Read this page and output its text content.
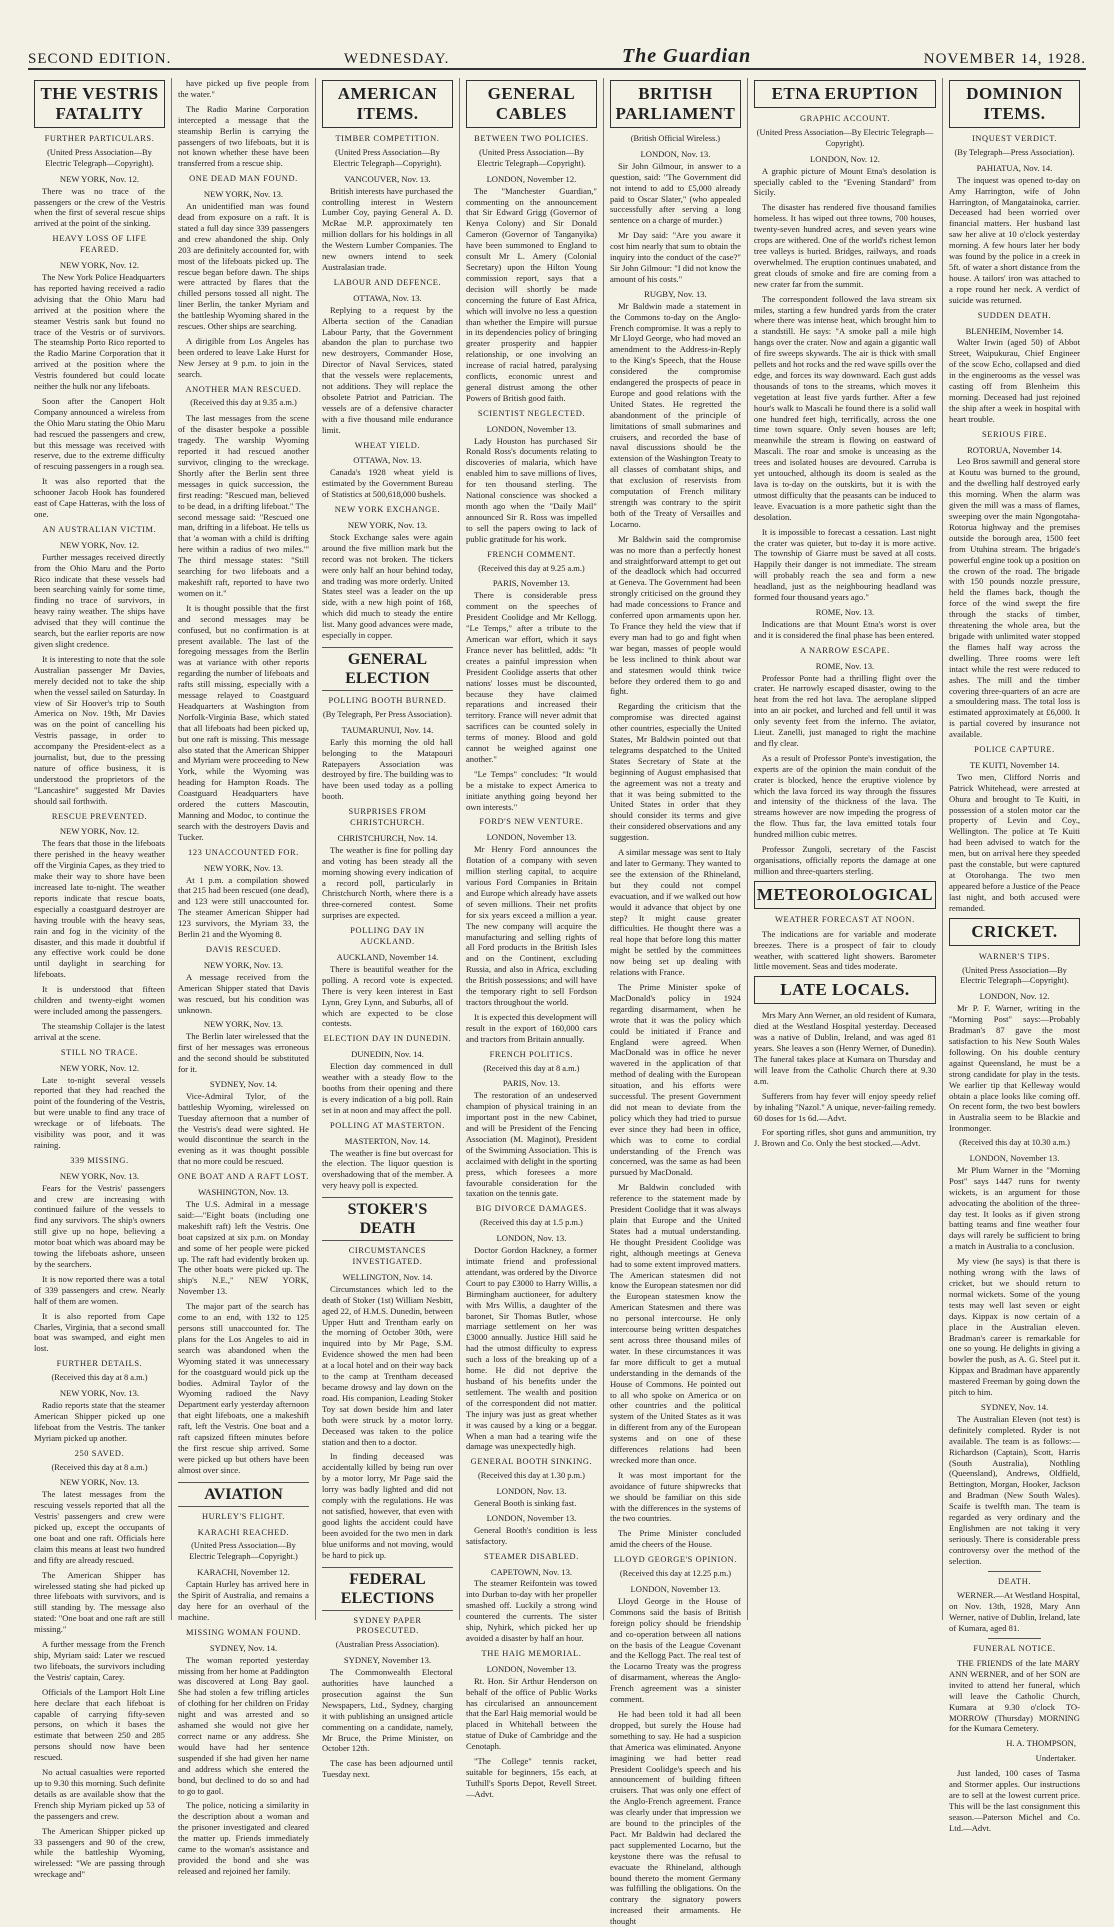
SECOND EDITION.	WEDNESDAY.	The Guardian	NOVEMBER 14, 1928.
THE VESTRIS FATALITY
FURTHER PARTICULARS.
(United Press Association—By Electric Telegraph—Copyright).
NEW YORK, Nov. 12.

There was no trace of the passengers or the crew of the Vestris when the first of several rescue ships arrived at the point of the sinking.

HEAVY LOSS OF LIFE FEARED.
NEW YORK, Nov. 12.

The New York Police Headquarters has reported having received a radio advising that the Ohio Maru had arrived at the position where the steamer Vestris sank but found no trace of the Vestris or of survivors. The steamship Porto Rico reported to the Radio Marine Corporation that it arrived at the position where the Vestris foundered but could locate neither the hulk nor any lifeboats.

Soon after the Canopert Holt Company announced a wireless from the Ohio Maru stating the Ohio Maru had rescued the passengers and crew, but this message was received with reserve, due to the extreme difficulty of rescuing passengers in a rough sea.

It was also reported that the schooner Jacob Hook has foundered east of Cape Hatteras, with the loss of one.

AN AUSTRALIAN VICTIM.
NEW YORK, Nov. 12.

Further messages received directly from the Ohio Maru and the Porto Rico indicate that these vessels had been searching vainly for some time, finding no trace of survivors, in heavy rainy weather. The ships have advised that they will continue the search, but the earlier reports are now given slight credence.

It is interesting to note that the sole Australian passenger Mr Davies, merely decided not to take the ship when the vessel sailed on Saturday. In view of Sir Hoover's trip to South America on Nov. 19th, Mr Davies was on the point of cancelling his Vestris passage, in order to accompany the President-elect as a journalist, but, due to the pressing nature of office business, it is understood the proprietors of the "Lancashire" suggested Mr Davies should sail forthwith.

RESCUE PREVENTED.
NEW YORK, Nov. 12.

The fears that those in the lifeboats there perished in the heavy weather off the Virginia Capes, as they tried to make their way to shore have been increased late to-night. The weather reports indicate that rescue boats, especially a coastguard destroyer are having trouble with the heavy seas, rain and fog in the vicinity of the disaster, and this made it doubtful if any effective work could be done until daylight in searching for lifeboats.

It is understood that fifteen children and twenty-eight women were included among the passengers.

The steamship Collajer is the latest arrival at the scene.

STILL NO TRACE.
NEW YORK, Nov. 12.

Late to-night several vessels reported that they had reached the point of the foundering of the Vestris, but were unable to find any trace of wreckage or of lifeboats. The visibility was poor, and it was raining.

339 MISSING.
NEW YORK, Nov. 13.

Fears for the Vestris' passengers and crew are increasing with continued failure of the vessels to find any survivors. The ship's owners still give up no hope, believing a motor boat which was aboard may be towing the lifeboats ashore, unseen by the searchers.

It is now reported there was a total of 339 passengers and crew. Nearly half of them are women.

It is also reported from Cape Charles, Virginia, that a second small boat was swamped, and eight men lost.

FURTHER DETAILS.
(Received this day at 8 a.m.)
NEW YORK, Nov. 13.

Radio reports state that the steamer American Shipper picked up one lifeboat from the Vestris. The tanker Myriam picked up another.

250 SAVED.
(Received this day at 8 a.m.)
NEW YORK, Nov. 13.

The latest messages from the rescuing vessels reported that all the Vestris' passengers and crew were picked up, except the occupants of one boat and one raft. Officials here claim this means at least two hundred and fifty are already rescued.

The American Shipper has wirelessed stating she had picked up three lifeboats with survivors, and is still standing by. The message also stated: "One boat and one raft are still missing."

A further message from the French ship, Myriam said: Later we rescued two lifeboats, the survivors including the Vestris' captain, Carey.

Officials of the Lamport Holt Line here declare that each lifeboat is capable of carrying fifty-seven persons, on which it bases the estimate that between 250 and 285 persons should now have been rescued.

No actual casualties were reported up to 9.30 this morning. Such definite details as are available show that the French ship Myriam picked up 53 of the passengers and crew.

The American Shipper picked up 33 passengers and 90 of the crew, while the battleship Wyoming, wirelessed: "We are passing through wreckage and"

have picked up five people from the water."

The Radio Marine Corporation intercepted a message that the steamship Berlin is carrying the passengers of two lifeboats, but it is not known whether these have been transferred from a rescue ship.

ONE DEAD MAN FOUND.
NEW YORK, Nov. 13.

An unidentified man was found dead from exposure on a raft. It is stated a full day since 339 passengers and crew abandoned the ship. Only 203 are definitely accounted for, with most of the lifeboats picked up. The rescue began before dawn. The ships were attracted by flares that the chilled persons tossed all night. The liner Berlin, the tanker Myriam and the battleship Wyoming shared in the rescues. Other ships are searching.

A dirigible from Los Angeles has been ordered to leave Lake Hurst for New Jersey at 9 p.m. to join in the search.

ANOTHER MAN RESCUED.
(Received this day at 9.35 a.m.)

The last messages from the scene of the disaster bespoke a possible tragedy. The warship Wyoming reported it had rescued another survivor, clinging to the wreckage. Shortly after the Berlin sent three messages in quick succession, the first reading: "Rescued man, believed to be dead, in a drifting lifeboat." The second message said: "Rescued one man, drifting in a lifeboat. He tells us that 'a woman with a child is drifting here within a radius of two miles.'" The third message states: "Still searching for two lifeboats and a makeshift raft, reported to have two women on it."

It is thought possible that the first and second messages may be confused, but no confirmation is at present available. The last of the foregoing messages from the Berlin was at variance with other reports regarding the number of lifeboats and rafts still missing, especially with a message relayed to Coastguard Headquarters at Washington from Norfolk-Virginia Base, which stated that all lifeboats had been picked up, but one raft is missing. This message also stated that the American Shipper and Myriam were proceeding to New York, while the Wyoming was heading for Hampton Roads. The Coastguard Headquarters have ordered the cutters Mascoutin, Manning and Modoc, to continue the search with the destroyers Davis and Tucker.

123 UNACCOUNTED FOR.
NEW YORK, Nov. 13.

At 1 p.m. a compilation showed that 215 had been rescued (one dead), and 123 were still unaccounted for. The steamer American Shipper had 123 survivors, the Myriam 33, the Berlin 21 and the Wyoming 8.

DAVIS RESCUED.
NEW YORK, Nov. 13.

A message received from the American Shipper stated that Davis was rescued, but his condition was unknown.

NEW YORK, Nov. 13.

The Berlin later wirelessed that the first of her messages was erroneous and the second should be substituted for it.

SYDNEY, Nov. 14.

Vice-Admiral Tylor, of the battleship Wyoming, wirelessed on Tuesday afternoon that a number of the Vestris's dead were sighted. He would discontinue the search in the evening as it was thought possible that no more could be rescued.

ONE BOAT AND A RAFT LOST.
WASHINGTON, Nov. 13.

The U.S. Admiral in a message said:—"Eight boats (including one makeshift raft) left the Vestris. One boat capsized at six p.m. on Monday and some of her people were picked up. The raft had evidently broken up. The other boats were picked up. The ship's N.E.," NEW YORK, November 13.

The major part of the search has come to an end, with 132 to 125 persons still unaccounted for. The plans for the Los Angeles to aid in search was abandoned when the Wyoming stated it was unnecessary for the coastguard would pick up the bodies. Admiral Taylor of the Wyoming radioed the Navy Department early yesterday afternoon that eight lifeboats, one a makeshift raft, left the Vestris. One boat and a raft capsized fifteen minutes before the first rescue ship arrived. Some were picked up but others have been almost over since.

AVIATION
HURLEY'S FLIGHT.
KARACHI REACHED.
(United Press Association—By Electric Telegraph—Copyright.)
KARACHI, November 12.

Captain Hurley has arrived here in the Spirit of Australia, and remains a day here for an overhaul of the machine.

MISSING WOMAN FOUND.
SYDNEY, Nov. 14.

The woman reported yesterday missing from her home at Paddington was discovered at Long Bay gaol. She had stolen a few trifling articles of clothing for her children on Friday night and was arrested and so ashamed she would not give her correct name or any address. She would have had her sentence suspended if she had given her name and address which she entered the bond, but declined to do so and had to go to gaol.

The police, noticing a similarity in the description about a woman and the prisoner investigated and cleared the matter up. Friends immediately came to the woman's assistance and provided the bond and she was released and rejoined her family.

AMERICAN ITEMS.
TIMBER COMPETITION.
(United Press Association—By Electric Telegraph—Copyright).
VANCOUVER, Nov. 13.

British interests have purchased the controlling interest in Western Lumber Coy, paying General A. D. McRae M.P. approximately ten million dollars for his holdings in all the Western Lumber Companies. The new owners intend to seek Australasian trade.

LABOUR AND DEFENCE.
OTTAWA, Nov. 13.

Replying to a request by the Alberta section of the Canadian Labour Party, that the Government abandon the plan to purchase two new destroyers, Commander Hose, Director of Naval Services, stated that the vessels were replacements, not additions. They will replace the obsolete Patriot and Patrician. The vessels are of a defensive character with a five thousand mile endurance limit.

WHEAT YIELD.
OTTAWA, Nov. 13.

Canada's 1928 wheat yield is estimated by the Government Bureau of Statistics at 500,618,000 bushels.

NEW YORK EXCHANGE.
NEW YORK, Nov. 13.

Stock Exchange sales were again around the five million mark but the record was not broken. The tickers were only half an hour behind today, and trading was more orderly. United States steel was a leader on the up side, with a new high point of 168, which did much to steady the entire list. Many good advances were made, especially in copper.

GENERAL ELECTION
POLLING BOOTH BURNED.
(By Telegraph, Per Press Association).
TAUMARUNUI, Nov. 14.

Early this morning the old hall belonging to the Matapouri Ratepayers Association was destroyed by fire. The building was to have been used today as a polling booth.

SURPRISES FROM CHRISTCHURCH.
CHRISTCHURCH, Nov. 14.

The weather is fine for polling day and voting has been steady all the morning showing every indication of a record poll, particularly in Christchurch North, where there is a three-cornered contest. Some surprises are expected.

POLLING DAY IN AUCKLAND.
AUCKLAND, November 14.

There is beautiful weather for the polling. A record vote is expected. There is very keen interest in East Lynn, Grey Lynn, and Suburbs, all of which are expected to be close contests.

ELECTION DAY IN DUNEDIN.
DUNEDIN, Nov. 14.

Election day commenced in dull weather with a steady flow to the booths from their opening and there is every indication of a big poll. Rain set in at noon and may affect the poll.

POLLING AT MASTERTON.
MASTERTON, Nov. 14.

The weather is fine but overcast for the election. The liquor question is overshadowing that of the member. A very heavy poll is expected.

STOKER'S DEATH
CIRCUMSTANCES INVESTIGATED.
WELLINGTON, Nov. 14.

Circumstances which led to the death of Stoker (1st) William Nesbitt, aged 22, of H.M.S. Dunedin, between Upper Hutt and Trentham early on the morning of October 30th, were inquired into by Mr Page, S.M. Evidence showed the men had been at a local hotel and on their way back to the camp at Trentham deceased became drowsy and lay down on the road. His companion, Leading Stoker Toy sat down beside him and later both were struck by a motor lorry. Deceased was taken to the police station and then to a doctor.

In finding deceased was accidentally killed by being run over by a motor lorry, Mr Page said the lorry was badly lighted and did not comply with the regulations. He was not satisfied, however, that even with good lights the accident could have been avoided for the two men in dark blue uniforms and not moving, would be hard to pick up.

FEDERAL ELECTIONS
SYDNEY PAPER PROSECUTED.
(Australian Press Association).
SYDNEY, November 13.

The Commonwealth Electoral authorities have launched a prosecution against the Sun Newspapers, Ltd., Sydney, charging it with publishing an unsigned article commenting on a candidate, namely, Mr Bruce, the Prime Minister, on October 12th.

The case has been adjourned until Tuesday next.

GENERAL CABLES
BETWEEN TWO POLICIES.
(United Press Association—By Electric Telegraph—Copyright).
LONDON, November 12.

The "Manchester Guardian," commenting on the announcement that Sir Edward Grigg (Governor of Kenya Colony) and Sir Donald Cameron (Governor of Tanganyika) have been summoned to England to consult Mr L. Amery (Colonial Secretary) upon the Hilton Young commission report, says that a decision will shortly be made concerning the future of East Africa, which will involve no less a question than whether the Empire will pursue in its dependencies policy of bringing greater prosperity and happier relationship, or one involving an increase of racial hatred, paralysing conflicts, economic unrest and general distrust among the other Powers of British good faith.

SCIENTIST NEGLECTED.
LONDON, November 13.

Lady Houston has purchased Sir Ronald Ross's documents relating to discoveries of malaria, which have enabled him to save millions of lives, for ten thousand sterling. The National conscience was shocked a month ago when the "Daily Mail" announced Sir R. Ross was impelled to sell the papers owing to lack of public gratitude for his work.

FRENCH COMMENT.
(Received this day at 9.25 a.m.)
PARIS, November 13.

There is considerable press comment on the speeches of President Coolidge and Mr Kellogg. "Le Temps," after a tribute to the American war effort, which it says France never has belittled, adds: "It creates a painful impression when President Coolidge asserts that other nations' losses must be discounted, because they have claimed reparations and increased their territory. France will never admit that sacrifices can be counted solely in terms of money. Blood and gold cannot be weighed against one another."

"Le Temps" concludes: "It would be a mistake to expect America to initiate anything going beyond her own interests."

FORD'S NEW VENTURE.
LONDON, November 13.

Mr Henry Ford announces the flotation of a company with seven million sterling capital, to acquire various Ford Companies in Britain and Europe which already have assets of seven millions. Their net profits for six years exceed a million a year. The new company will acquire the manufacturing and selling rights of all Ford products in the British Isles and on the Continent, excluding Russia, and also in Africa, excluding the British possessions; and will have the temporary right to sell Fordson tractors throughout the world.

It is expected this development will result in the export of 160,000 cars and tractors from Britain annually.

FRENCH POLITICS.
(Received this day at 8 a.m.)
PARIS, Nov. 13.

The restoration of an undeserved champion of physical training in an important post in the new Cabinet, and will be President of the Fencing Association (M. Maginot), President of the Swimming Association. This is acclaimed with delight in the sporting press, which foresees a more favourable consideration for the taxation on the tennis gate.

BIG DIVORCE DAMAGES.
(Received this day at 1.5 p.m.)
LONDON, Nov. 13.

Doctor Gordon Hackney, a former intimate friend and professional attendant, was ordered by the Divorce Court to pay £3000 to Harry Willis, a Birmingham auctioneer, for adultery with Mrs Willis, a daughter of the baronet, Sir Thomas Butler, whose marriage settlement on her was £3000 annually. Justice Hill said he had the utmost difficulty to express such a loss of the breaking up of a home. He did not deprive the husband of his benefits under the settlement. The wealth and position of the correspondent did not matter. The injury was just as great whether it was caused by a king or a beggar. When a man had a tearing wife the damage was unexpectedly high.

GENERAL BOOTH SINKING.
(Received this day at 1.30 p.m.)
LONDON, Nov. 13.

General Booth is sinking fast.

LONDON, November 13.

General Booth's condition is less satisfactory.

STEAMER DISABLED.
CAPETOWN, Nov. 13.

The steamer Reifontein was towed into Durban to-day with her propeller smashed off. Luckily a strong wind countered the currents. The sister ship, Nyhirk, which picked her up avoided a disaster by half an hour.

THE HAIG MEMORIAL.
LONDON, November 13.

Rt. Hon. Sir Arthur Henderson on behalf of the office of Public Works has circularised an announcement that the Earl Haig memorial would be placed in Whitehall between the statue of Duke of Cambridge and the Cenotaph.

"The College" tennis racket, suitable for beginners, 15s each, at Tuthill's Sports Depot, Revell Street.—Advt.

BRITISH PARLIAMENT
(British Official Wireless.)
LONDON, Nov. 13.

Sir John Gilmour, in answer to a question, said: "The Government did not intend to add to £5,000 already paid to Oscar Slater," (who appealed successfully after serving a long sentence on a charge of murder.)

Mr Day said: "Are you aware it cost him nearly that sum to obtain the inquiry into the conduct of the case?" Sir John Gilmour: "I did not know the amount of his costs."

RUGBY, Nov. 13.

Mr Baldwin made a statement in the Commons to-day on the Anglo-French compromise. It was a reply to Mr Lloyd George, who had moved an amendment to the Address-in-Reply to the King's Speech, that the House considered the compromise endangered the prospects of peace in Europe and good relations with the United States. He regretted the abandonment of the principle of limitations of small submarines and cruisers, and recorded the base of naval discussions should be the extension of the Washington Treaty to all classes of combatant ships, and that exclusion of reservists from computation of French military strength was contrary to the spirit both of the Treaty of Versailles and Locarno.

Mr Baldwin said the compromise was no more than a perfectly honest and straightforward attempt to get out of the deadlock which had occurred at Geneva. The Government had been strongly criticised on the ground they had made concessions to France and conferred upon armaments upon her. To France they held the view that if every man had to go and fight when war began, masses of people would be less inclined to think about war and statesmen would think twice before they ordered them to go and fight.

Regarding the criticism that the compromise was directed against other countries, especially the United States, Mr Baldwin pointed out that telegrams despatched to the United States Secretary of State at the beginning of August emphasised that the agreement was not a treaty and that it was being submitted to the United States in order that they should consider its terms and give their considered observations and any suggestion.

A similar message was sent to Italy and later to Germany. They wanted to see the extension of the Rhineland, but they could not compel evacuation, and if we walked out how would it advance that object by one step? It might cause greater difficulties. He thought there was a real hope that before long this matter might be settled by the committees now being set up dealing with relations with France.

The Prime Minister spoke of MacDonald's policy in 1924 regarding disarmament, when he wrote that it was the policy which could be initiated if France and England were agreed. When MacDonald was in office he never wavered in the application of that method of dealing with the European situation, and his efforts were successful. The present Government did not mean to deviate from the policy which they had tried to pursue ever since they had been in office, which was to come to cordial understanding of the French was concerned, was the same as had been pursued by MacDonald.

Mr Baldwin concluded with reference to the statement made by President Coolidge that it was always plain that Europe and the United States had a mutual understanding. He thought President Coolidge was right, although meetings at Geneva had to some extent improved matters. The American statesmen did not know the European statesmen nor did the European statesmen know the American Statesmen and there was no personal intercourse. He only intercourse being written despatches sent across three thousand miles of water. In these circumstances it was far more difficult to get a mutual understanding in the demands of the House of Commons. He pointed out to all who spoke on America or on other countries and the political system of the United States as it was in different from any of the European systems and on one of these differences relations had been wrecked more than once.

It was most important for the avoidance of future shipwrecks that we should be familiar on this side with the differences in the systems of the two countries.

The Prime Minister concluded amid the cheers of the House.

LLOYD GEORGE'S OPINION.
(Received this day at 12.25 p.m.)
LONDON, November 13.

Lloyd George in the House of Commons said the basis of British foreign policy should be friendship and co-operation between all nations on the basis of the League Covenant and the Kellogg Pact. The real test of the Locarno Treaty was the progress of disarmament, whereas the Anglo-French agreement was a sinister comment.

He had been told it had all been dropped, but surely the House had something to say. He had a suspicion that America was eliminated. Anyone imagining we had better read President Coolidge's speech and his announcement of building fifteen cruisers. That was only one effect of the Anglo-French agreement. France was clearly under that impression we are bound to the principles of the Pact. Mr Baldwin had declared the pact supplemented Locarno, but the keystone there was the refusal to evacuate the Rhineland, although bound thereto the moment Germany was fulfilling the obligations. On the contrary the signatory powers increased their armaments. He thought

ETNA ERUPTION
GRAPHIC ACCOUNT.
(United Press Association—By Electric Telegraph—Copyright).
LONDON, Nov. 12.

A graphic picture of Mount Etna's desolation is specially cabled to the "Evening Standard" from Sicily.

The disaster has rendered five thousand families homeless. It has wiped out three towns, 700 houses, twenty-seven hundred acres, and seven years wine crops are withered. One of the world's richest lemon tree valleys is buried. Bridges, railways, and roads overwhelmed. The eruption continues unabated, and great clouds of smoke and fire are coming from a new crater far from the summit.

The correspondent followed the lava stream six miles, starting a few hundred yards from the crater where there was intense heat, which brought him to a standstill. He says: "A smoke pall a mile high hangs over the crater. Now and again a gigantic wall of fire sweeps skywards. The air is thick with small pellets and hot rocks and the red wave spills over the edge, and forces its way downward. Each gust adds thousands of tons to the streams, which moves it vegetation at least five yards further. After a few hour's walk to Mascali he found there is a solid wall one hundred feet high, terrifically, across the one time town square. Only seven houses are left; meanwhile the stream is flowing on eastward of Mascali. The roar and smoke is unceasing as the trees and isolated houses are devoured. Carruba is yet untouched, although its doom is sealed as the lava is to-day on the outskirts, but it is with the utmost difficulty that the peasants can be induced to leave. Evacuation is a more pathetic sight than the desolation.

It is impossible to forecast a cessation. Last night the crater was quieter, but to-day it is more active. The township of Giarre must be saved at all costs. Happily their danger is not immediate. The stream will probably reach the sea and form a new headland, just as the neighbouring headland was formed four thousand years ago."

ROME, Nov. 13.

Indications are that Mount Etna's worst is over and it is considered the final phase has been entered.

A NARROW ESCAPE.
ROME, Nov. 13.

Professor Ponte had a thrilling flight over the crater. He narrowly escaped disaster, owing to the heat from the red hot lava. The aeroplane slipped into an air pocket, and lurched and fell until it was only seventy feet from the inferno. The aviator, Lieut. Zanelli, just managed to right the machine and fly clear.

As a result of Professor Ponte's investigation, the experts are of the opinion the main conduit of the crater is blocked, hence the eruptive violence by which the lava forced its way through the fissures and intensity of the thickness of the lava. The streams however are now impeding the progress of the flow. Thus far, the lava emitted totals four hundred million cubic metres.

Professor Zungoli, secretary of the Fascist organisations, officially reports the damage at one million and three-quarters sterling.

METEOROLOGICAL
WEATHER FORECAST AT NOON.

The indications are for variable and moderate breezes. There is a prospect of fair to cloudy weather, with scattered light showers. Barometer little movement. Seas and tides moderate.

LATE LOCALS.

Mrs Mary Ann Werner, an old resident of Kumara, died at the Westland Hospital yesterday. Deceased was a native of Dublin, Ireland, and was aged 81 years. She leaves a son (Henry Werner, of Dunedin). The funeral takes place at Kumara on Thursday and will leave from the Catholic Church there at 9.30 a.m.

Sufferers from hay fever will enjoy speedy relief by inhaling "Nazol." A unique, never-failing remedy. 60 doses for 1s 6d.—Advt.

For sporting rifles, shot guns and ammunition, try J. Brown and Co. Only the best stocked.—Advt.

DOMINION ITEMS.
INQUEST VERDICT.
(By Telegraph—Press Association).
PAHIATUA, Nov. 14.

The inquest was opened to-day on Amy Harrington, wife of John Harrington, of Mangatainoka, carrier. Deceased had been worried over financial matters. Her husband last saw her alive at 10 o'clock yesterday morning. A few hours later her body was found by the police in a creek in 5ft. of water a short distance from the house. A tailors' iron was attached to a rope round her neck. A verdict of suicide was returned.

SUDDEN DEATH.
BLENHEIM, November 14.

Walter Irwin (aged 50) of Abbot Street, Waipukurau, Chief Engineer of the scow Echo, collapsed and died in the enginerooms as the vessel was casting off from Blenheim this morning. Deceased had just rejoined the ship after a week in hospital with heart trouble.

SERIOUS FIRE.
ROTORUA, November 14.

Leo Bros sawmill and general store at Koutu was burned to the ground, and the dwelling half destroyed early this morning. When the alarm was given the mill was a mass of flames, sweeping over the main Ngongotaha-Rotorua highway and the premises outside the borough area, 1500 feet from Utuhina stream. The brigade's powerful engine took up a position on the crown of the road. The brigade with 150 pounds nozzle pressure, held the flames back, though the force of the wind swept the fire through the stacks of timber, threatening the whole area, but the brigade with unlimited water stopped the flames half way across the dwelling. Three rooms were left intact while the rest were reduced to ashes. The mill and the timber covering three-quarters of an acre are a smouldering mass. The total loss is estimated approximately at £6,000. It is partial covered by insurance not available.

POLICE CAPTURE.
TE KUITI, November 14.

Two men, Clifford Norris and Patrick Whitehead, were arrested at Ohura and brought to Te Kuiti, in possession of a stolen motor car the property of Levin and Coy., Wellington. The police at Te Kuiti had been advised to watch for the men, but on arrival here they speeded past the constable, but were captured at Otorohanga. The two men appeared before a Justice of the Peace last night, and both accused were remanded.

CRICKET.
WARNER'S TIPS.
(United Press Association—By Electric Telegraph—Copyright).
LONDON, Nov. 12.

Mr P. F. Warner, writing in the "Morning Post" says:—Probably Bradman's 87 gave the most satisfaction to his New South Wales following. On his double century against Queensland, he must be a strong candidate for play in the tests. We earlier tip that Kelleway would obtain a place looks like coming off. On recent form, the two best bowlers in Australia seem to be Blackie and Ironmonger.

(Received this day at 10.30 a.m.)
LONDON, November 13.

Mr Plum Warner in the "Morning Post" says 1447 runs for twenty wickets, is an argument for those advocating the abolition of the three-day test. It looks as if given strong batting teams and fine weather four days will rarely be sufficient to bring a match in Australia to a conclusion.

My view (he says) is that there is nothing wrong with the laws of cricket, but we should return to normal wickets. Some of the young tests may well last seven or eight days. Kippax is now certain of a place in the Australian eleven. Bradman's career is remarkable for one so young. He delights in giving a bowler the push, as A. G. Steel put it. Kippax and Bradman have apparently mastered Freeman by going down the pitch to him.

SYDNEY, Nov. 14.

The Australian Eleven (not test) is definitely completed. Ryder is not available. The team is as follows:—Richardson (Captain), Scott, Harris (South Australia), Nothling (Queensland), Andrews, Oldfield, Bettington, Morgan, Hooker, Jackson and Bradman (New South Wales). Scaife is twelfth man. The team is regarded as very ordinary and the Englishmen are not taking it very seriously. There is considerable press controversy over the method of the selection.

DEATH.

WERNER.—At Westland Hospital, on Nov. 13th, 1928, Mary Ann Werner, native of Dublin, Ireland, late of Kumara, aged 81.

FUNERAL NOTICE.

THE FRIENDS of the late MARY ANN WERNER, and of her SON are invited to attend her funeral, which will leave the Catholic Church, Kumara at 9.30 o'clock TO-MORROW (Thursday) MORNING for the Kumara Cemetery.

H. A. THOMPSON,
Undertaker.

Just landed, 100 cases of Tasma and Stormer apples. Our instructions are to sell at the lowest current price. This will be the last consignment this season.—Paterson Michel and Co. Ltd.—Advt.
